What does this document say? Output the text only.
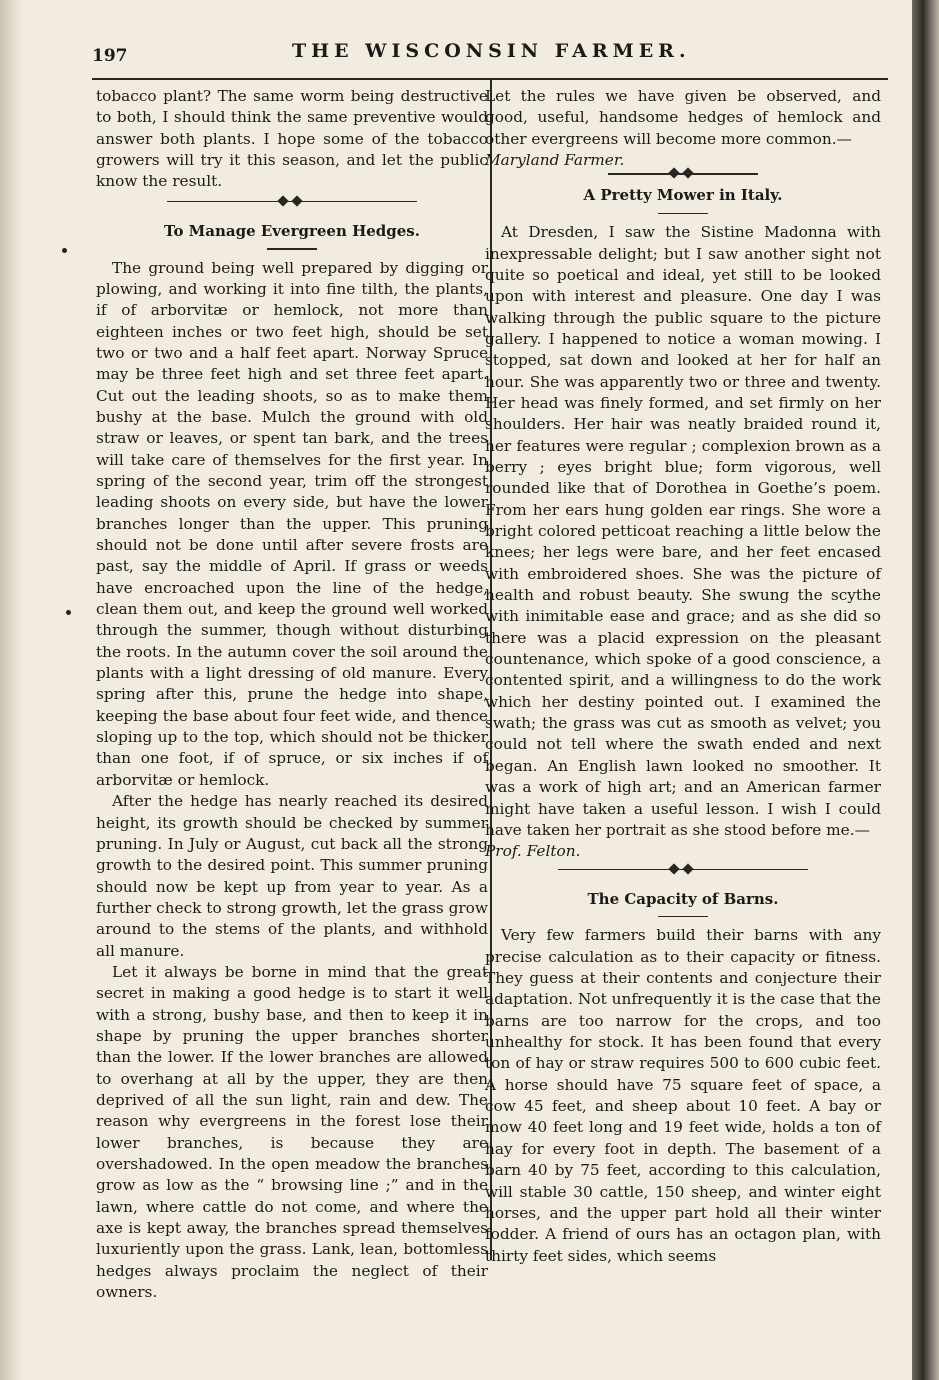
197	THE WISCONSIN FARMER.

tobacco plant? The same worm being destructive to both, I should think the same preventive would answer both plants. I hope some of the tobacco growers will try it this season, and let the public know the result.

To Manage Evergreen Hedges.

The ground being well prepared by digging or plowing, and working it into fine tilth, the plants, if of arborvitæ or hemlock, not more than eighteen inches or two feet high, should be set two or two and a half feet apart. Norway Spruce may be three feet high and set three feet apart. Cut out the leading shoots, so as to make them bushy at the base. Mulch the ground with old straw or leaves, or spent tan bark, and the trees will take care of themselves for the first year. In spring of the second year, trim off the strongest leading shoots on every side, but have the lower branches longer than the upper. This pruning should not be done until after severe frosts are past, say the middle of April. If grass or weeds have encroached upon the line of the hedge, clean them out, and keep the ground well worked through the summer, though without disturbing the roots. In the autumn cover the soil around the plants with a light dressing of old manure. Every spring after this, prune the hedge into shape, keeping the base about four feet wide, and thence sloping up to the top, which should not be thicker than one foot, if of spruce, or six inches if of arborvitæ or hemlock.

After the hedge has nearly reached its desired height, its growth should be checked by summer pruning. In July or August, cut back all the strong growth to the desired point. This summer pruning should now be kept up from year to year. As a further check to strong growth, let the grass grow around to the stems of the plants, and withhold all manure.

Let it always be borne in mind that the great secret in making a good hedge is to start it well with a strong, bushy base, and then to keep it in shape by pruning the upper branches shorter than the lower. If the lower branches are allowed to overhang at all by the upper, they are then deprived of all the sun light, rain and dew. The reason why evergreens in the forest lose their lower branches, is because they are overshadowed. In the open meadow the branches grow as low as the “ browsing line ;” and in the lawn, where cattle do not come, and where the axe is kept away, the branches spread themselves luxuriently upon the grass. Lank, lean, bottomless hedges always proclaim the neglect of their owners.

Let the rules we have given be observed, and good, useful, handsome hedges of hemlock and other evergreens will become more common.—
Maryland Farmer.

A Pretty Mower in Italy.

At Dresden, I saw the Sistine Madonna with inexpressable delight; but I saw another sight not quite so poetical and ideal, yet still to be looked upon with interest and pleasure. One day I was walking through the public square to the picture gallery. I happened to notice a woman mowing. I stopped, sat down and looked at her for half an hour. She was apparently two or three and twenty. Her head was finely formed, and set firmly on her shoulders. Her hair was neatly braided round it, her features were regular ; complexion brown as a berry ; eyes bright blue; form vigorous, well rounded like that of Dorothea in Goethe’s poem. From her ears hung golden ear rings. She wore a bright colored petticoat reaching a little below the knees; her legs were bare, and her feet encased with embroidered shoes. She was the picture of health and robust beauty. She swung the scythe with inimitable ease and grace; and as she did so there was a placid expression on the pleasant countenance, which spoke of a good conscience, a contented spirit, and a willingness to do the work which her destiny pointed out. I examined the swath; the grass was cut as smooth as velvet; you could not tell where the swath ended and next began. An English lawn looked no smoother. It was a work of high art; and an American farmer might have taken a useful lesson. I wish I could have taken her portrait as she stood before me.—
Prof. Felton.

The Capacity of Barns.

Very few farmers build their barns with any precise calculation as to their capacity or fitness. They guess at their contents and conjecture their adaptation. Not unfrequently it is the case that the barns are too narrow for the crops, and too unhealthy for stock. It has been found that every ton of hay or straw requires 500 to 600 cubic feet. A horse should have 75 square feet of space, a cow 45 feet, and sheep about 10 feet. A bay or mow 40 feet long and 19 feet wide, holds a ton of hay for every foot in depth. The basement of a barn 40 by 75 feet, according to this calculation, will stable 30 cattle, 150 sheep, and winter eight horses, and the upper part hold all their winter fodder. A friend of ours has an octagon plan, with thirty feet sides, which seems
